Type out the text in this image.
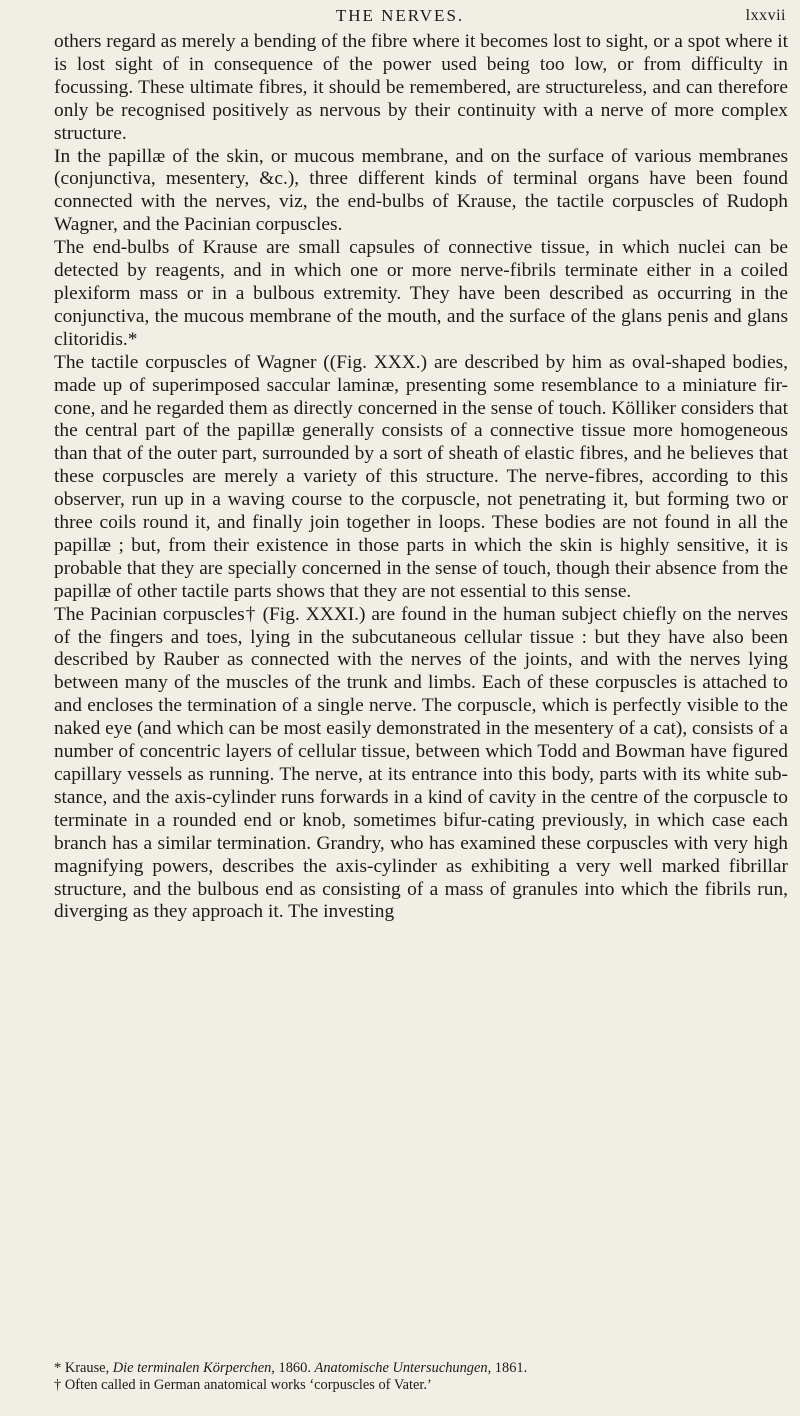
THE NERVES.	lxxvii

others regard as merely a bending of the fibre where it becomes lost to sight, or a spot where it is lost sight of in consequence of the power used being too low, or from difficulty in focussing. These ultimate fibres, it should be remembered, are structureless, and can therefore only be recognised positively as nervous by their continuity with a nerve of more complex structure.

In the papillæ of the skin, or mucous membrane, and on the surface of various membranes (conjunctiva, mesentery, &c.), three different kinds of terminal organs have been found connected with the nerves, viz, the end-bulbs of Krause, the tactile corpuscles of Rudoph Wagner, and the Pacinian corpuscles.

The end-bulbs of Krause are small capsules of connective tissue, in which nuclei can be detected by reagents, and in which one or more nerve-fibrils terminate either in a coiled plexiform mass or in a bulbous extremity. They have been described as occurring in the conjunctiva, the mucous membrane of the mouth, and the surface of the glans penis and glans clitoridis.*

The tactile corpuscles of Wagner ((Fig. XXX.) are described by him as oval-shaped bodies, made up of superimposed saccular laminæ, presenting some resemblance to a miniature fir-cone, and he regarded them as directly concerned in the sense of touch. Kölliker considers that the central part of the papillæ generally consists of a connective tissue more homogeneous than that of the outer part, surrounded by a sort of sheath of elastic fibres, and he believes that these corpuscles are merely a variety of this structure. The nerve-fibres, according to this observer, run up in a waving course to the corpuscle, not penetrating it, but forming two or three coils round it, and finally join together in loops. These bodies are not found in all the papillæ ; but, from their existence in those parts in which the skin is highly sensitive, it is probable that they are specially concerned in the sense of touch, though their absence from the papillæ of other tactile parts shows that they are not essential to this sense.

The Pacinian corpuscles† (Fig. XXXI.) are found in the human subject chiefly on the nerves of the fingers and toes, lying in the subcutaneous cellular tissue : but they have also been described by Rauber as connected with the nerves of the joints, and with the nerves lying between many of the muscles of the trunk and limbs. Each of these corpuscles is attached to and encloses the termination of a single nerve. The corpuscle, which is perfectly visible to the naked eye (and which can be most easily demonstrated in the mesentery of a cat), consists of a number of concentric layers of cellular tissue, between which Todd and Bowman have figured capillary vessels as running. The nerve, at its entrance into this body, parts with its white sub-stance, and the axis-cylinder runs forwards in a kind of cavity in the centre of the corpuscle to terminate in a rounded end or knob, sometimes bifur-cating previously, in which case each branch has a similar termination. Grandry, who has examined these corpuscles with very high magnifying powers, describes the axis-cylinder as exhibiting a very well marked fibrillar structure, and the bulbous end as consisting of a mass of granules into which the fibrils run, diverging as they approach it. The investing

* Krause, Die terminalen Körperchen, 1860. Anatomische Untersuchungen, 1861.

† Often called in German anatomical works ‘corpuscles of Vater.’
